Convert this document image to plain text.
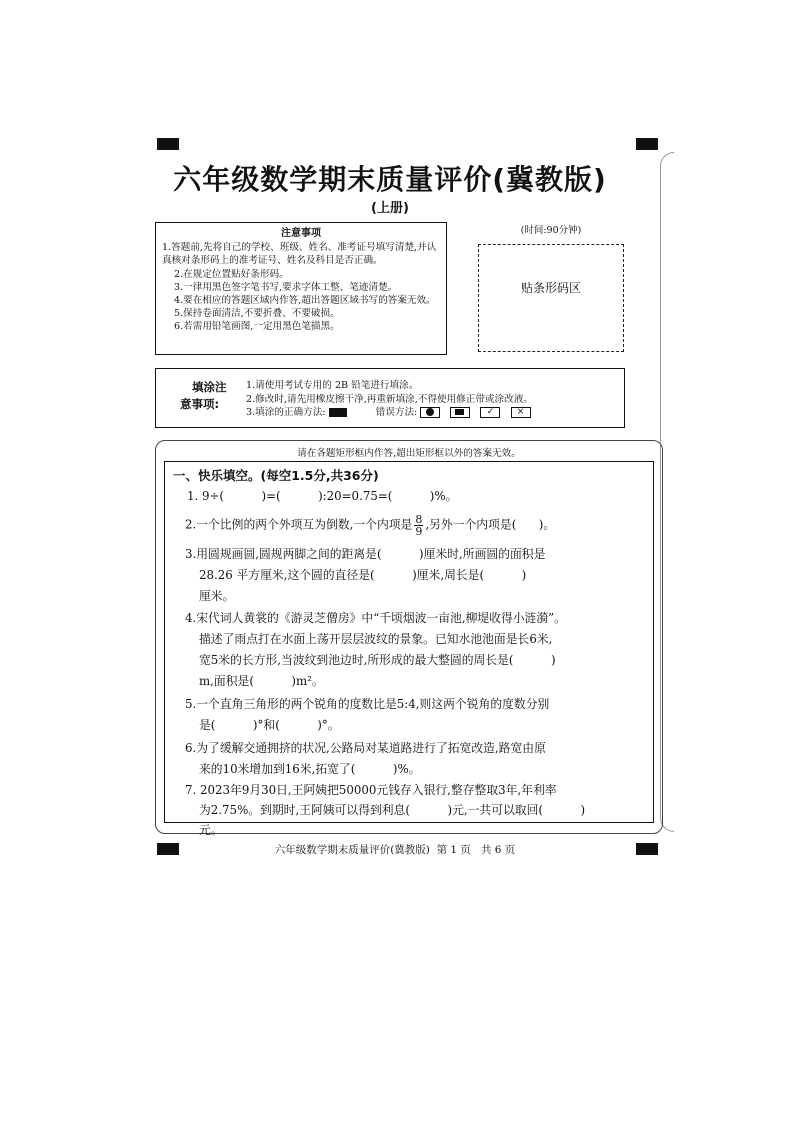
六年级数学期末质量评价(冀教版)
(上册)
注意事项

1.答题前,先将自己的学校、班级、姓名、准考证号填写清楚,并认真核对条形码上的准考证号、姓名及科目是否正确。

2.在规定位置贴好条形码。

3.一律用黑色签字笔书写,要求字体工整、笔迹清楚。

4.要在相应的答题区域内作答,超出答题区域书写的答案无效。

5.保持卷面清洁,不要折叠、不要破损。

6.若需用铅笔画图,一定用黑色笔描黑。

(时间:90分钟)
贴条形码区
填涂注
意事项:
1.请使用考试专用的 2B 铅笔进行填涂。
2.修改时,请先用橡皮擦干净,再重新填涂,不得使用修正带或涂改液。
3.填涂的正确方法:	错误方法:
	✓	×
请在各题矩形框内作答,超出矩形框以外的答案无效。
一、快乐填空。(每空1.5分,共36分)
1. 9÷(          )=(          ):20=0.75=(          )%。
2.一个比例的两个外项互为倒数,一个内项是 $\frac{8}{9}$ ,另外一个内项是(      )。
3.用圆规画圆,圆规两脚之间的距离是(          )厘米时,所画圆的面积是
28.26 平方厘米,这个圆的直径是(          )厘米,周长是(          )
厘米。
4.宋代词人黄裳的《游灵芝僧房》中“千顷烟波一亩池,柳堤收得小涟漪”。
描述了雨点打在水面上荡开层层波纹的景象。已知水池池面是长6米,
宽5米的长方形,当波纹到池边时,所形成的最大整圆的周长是(          )
m,面积是(          )m²。
5.一个直角三角形的两个锐角的度数比是5:4,则这两个锐角的度数分别
是(          )°和(          )°。
6.为了缓解交通拥挤的状况,公路局对某道路进行了拓宽改造,路宽由原
来的10米增加到16米,拓宽了(          )%。
7. 2023年9月30日,王阿姨把50000元钱存入银行,整存整取3年,年利率
为2.75%。到期时,王阿姨可以得到利息(          )元,一共可以取回(          )
元。
六年级数学期末质量评价(冀教版)  第 1 页   共 6 页
